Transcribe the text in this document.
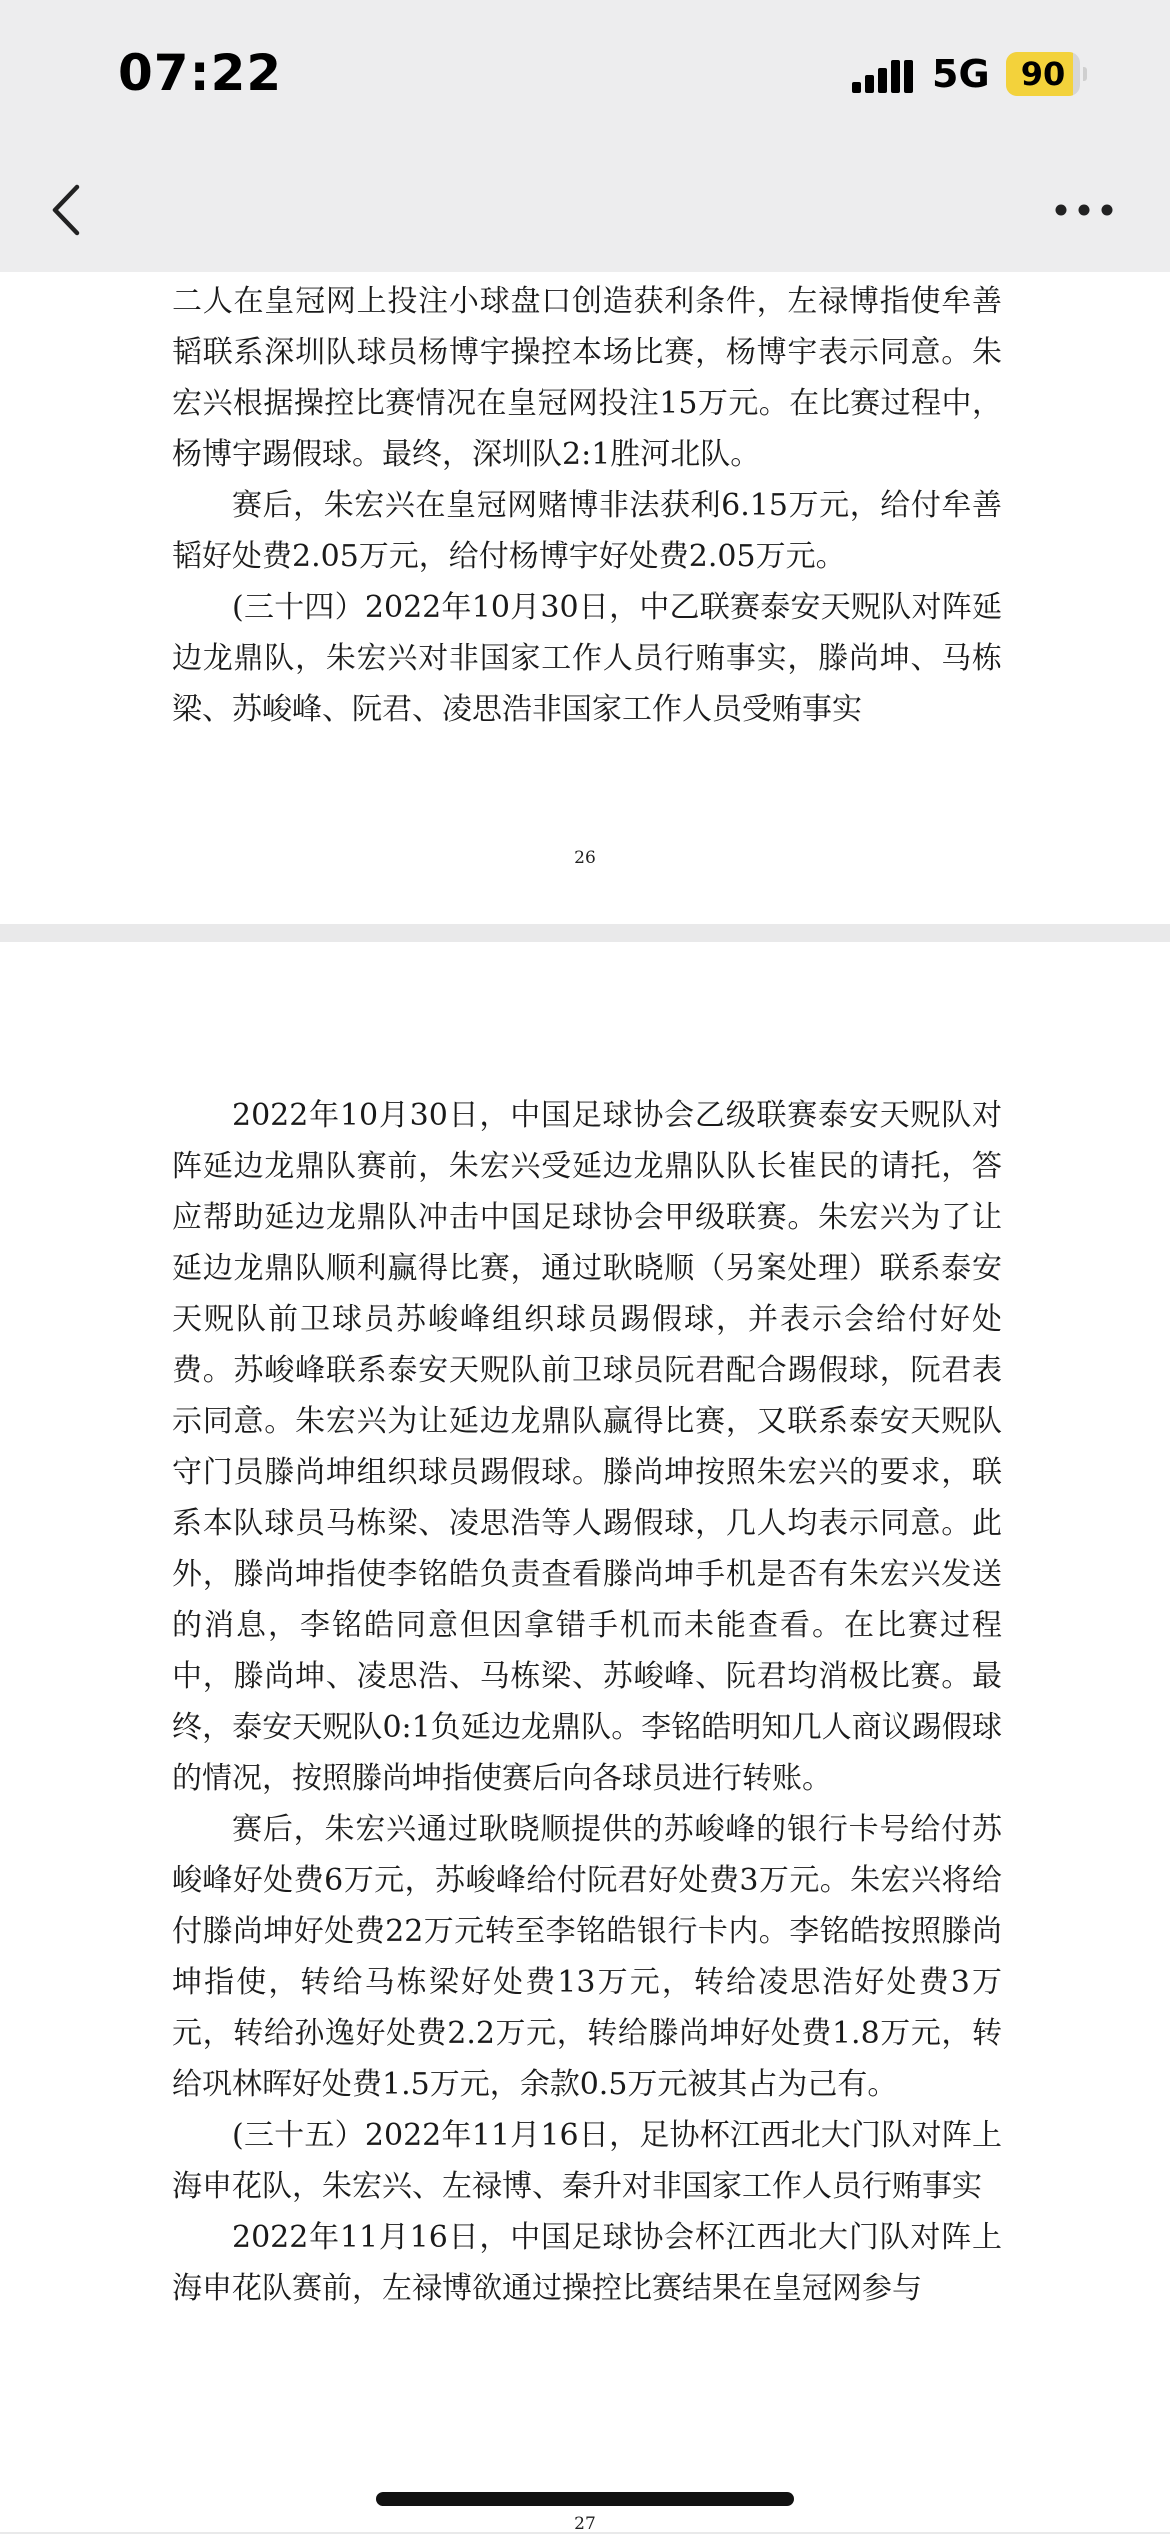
07:22	5G 90

二人在皇冠网上投注小球盘口创造获利条件，左禄博指使牟善韬联系深圳队球员杨博宇操控本场比赛，杨博宇表示同意。朱宏兴根据操控比赛情况在皇冠网投注15万元。在比赛过程中，杨博宇踢假球。最终，深圳队2:1胜河北队。

赛后，朱宏兴在皇冠网赌博非法获利6.15万元，给付牟善韬好处费2.05万元，给付杨博宇好处费2.05万元。

(三十四）2022年10月30日，中乙联赛泰安天贶队对阵延边龙鼎队，朱宏兴对非国家工作人员行贿事实，滕尚坤、马栋梁、苏峻峰、阮君、凌思浩非国家工作人员受贿事实

26

2022年10月30日，中国足球协会乙级联赛泰安天贶队对阵延边龙鼎队赛前，朱宏兴受延边龙鼎队队长崔民的请托，答应帮助延边龙鼎队冲击中国足球协会甲级联赛。朱宏兴为了让延边龙鼎队顺利赢得比赛，通过耿晓顺（另案处理）联系泰安天贶队前卫球员苏峻峰组织球员踢假球，并表示会给付好处费。苏峻峰联系泰安天贶队前卫球员阮君配合踢假球，阮君表示同意。朱宏兴为让延边龙鼎队赢得比赛，又联系泰安天贶队守门员滕尚坤组织球员踢假球。滕尚坤按照朱宏兴的要求，联系本队球员马栋梁、凌思浩等人踢假球，几人均表示同意。此外，滕尚坤指使李铭皓负责查看滕尚坤手机是否有朱宏兴发送的消息，李铭皓同意但因拿错手机而未能查看。在比赛过程中，滕尚坤、凌思浩、马栋梁、苏峻峰、阮君均消极比赛。最终，泰安天贶队0:1负延边龙鼎队。李铭皓明知几人商议踢假球的情况，按照滕尚坤指使赛后向各球员进行转账。

赛后，朱宏兴通过耿晓顺提供的苏峻峰的银行卡号给付苏峻峰好处费6万元，苏峻峰给付阮君好处费3万元。朱宏兴将给付滕尚坤好处费22万元转至李铭皓银行卡内。李铭皓按照滕尚坤指使，转给马栋梁好处费13万元，转给凌思浩好处费3万元，转给孙逸好处费2.2万元，转给滕尚坤好处费1.8万元，转给巩林晖好处费1.5万元，余款0.5万元被其占为己有。

(三十五）2022年11月16日，足协杯江西北大门队对阵上海申花队，朱宏兴、左禄博、秦升对非国家工作人员行贿事实

2022年11月16日，中国足球协会杯江西北大门队对阵上海申花队赛前，左禄博欲通过操控比赛结果在皇冠网参与

27
